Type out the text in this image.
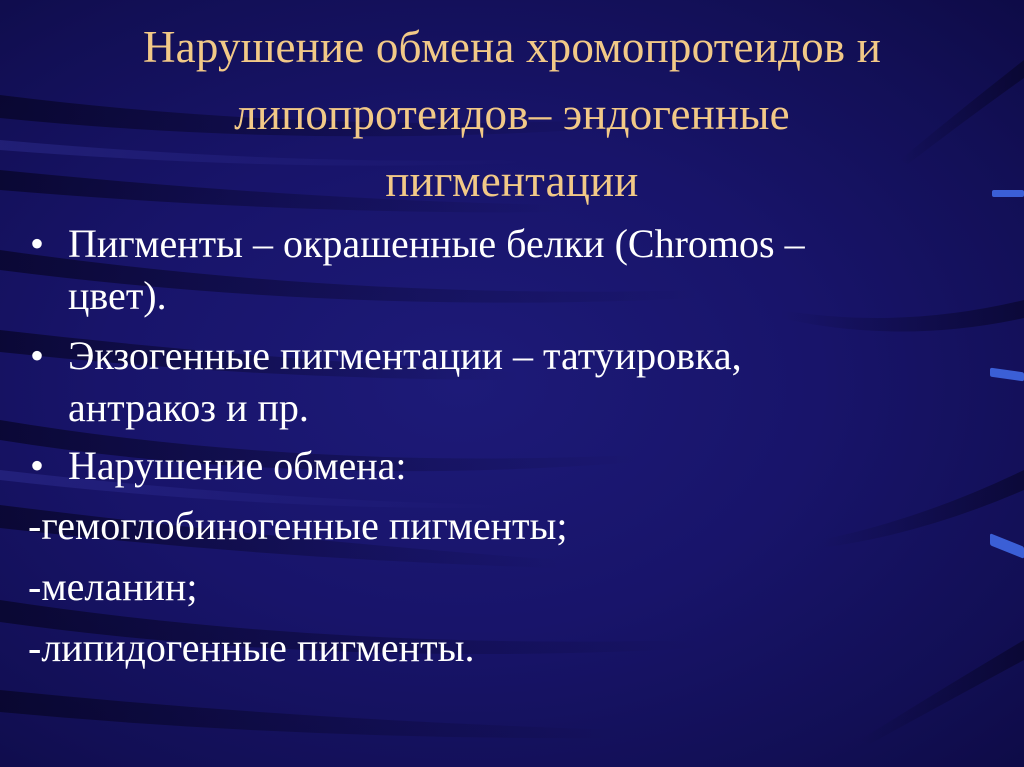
Нарушение обмена хромопротеидов и
липопротеидов– эндогенные
пигментации
• Пигменты – окрашенные белки (Chromos –
цвет).
• Экзогенные пигментации – татуировка,
антракоз и пр.
• Нарушение обмена:
-гемоглобиногенные пигменты;
-меланин;
-липидогенные пигменты.
